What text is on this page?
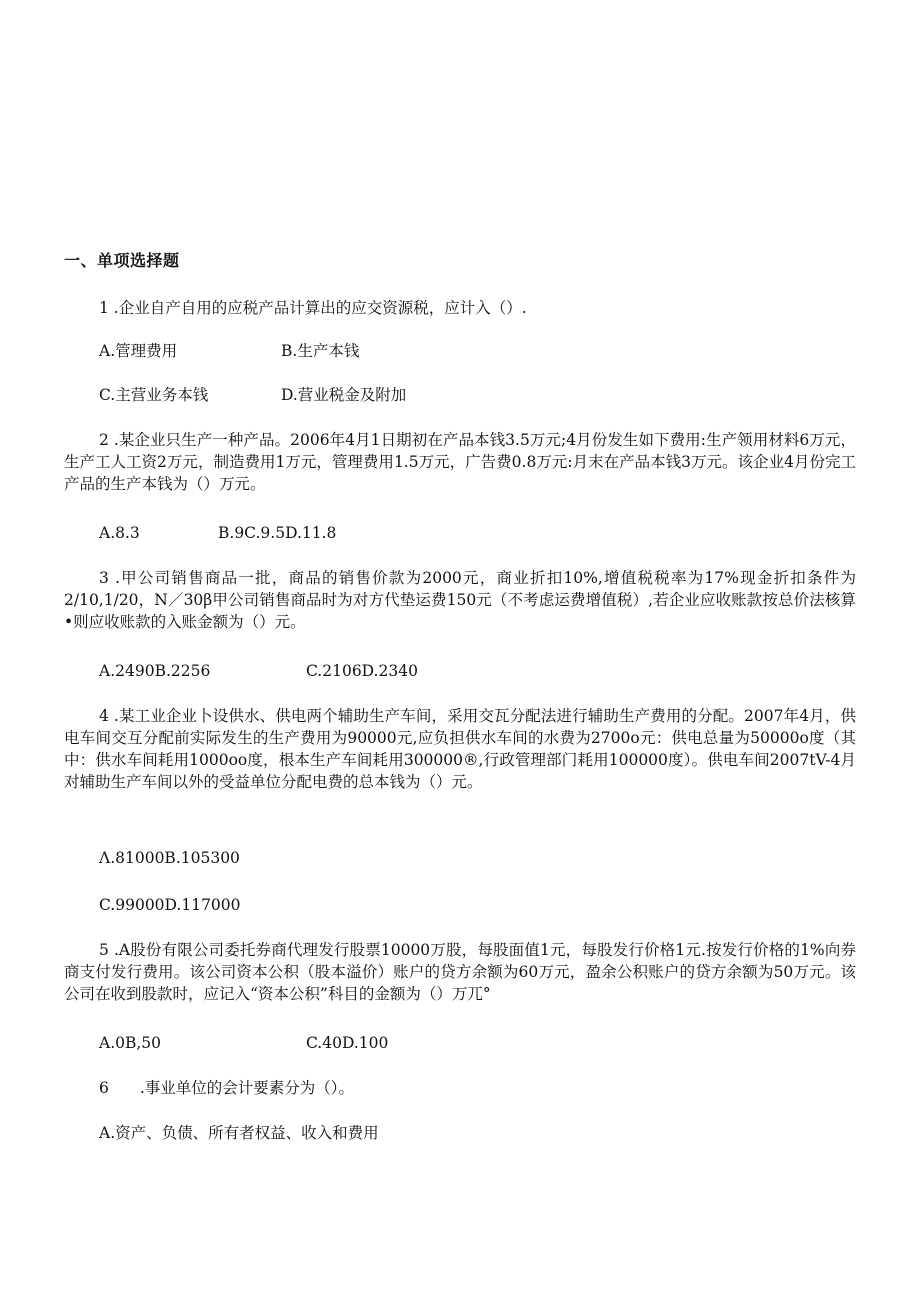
一、单项选择题
1 .企业自产自用的应税产品计算出的应交资源税，应计入（）.
A.管理费用	B.生产本钱
C.主营业务本钱	D.营业税金及附加
2 .某企业只生产一种产品。2006年4月1日期初在产品本钱3.5万元;4月份发生如下费用:生产领用材料6万元，生产工人工资2万元，制造费用1万元，管理费用1.5万元，广告费0.8万元:月末在产品本钱3万元。该企业4月份完工产品的生产本钱为（）万元。
A.8.3	B.9C.9.5D.11.8
3 .甲公司销售商品一批，商品的销售价款为2000元，商业折扣10%,增值税税率为17%现金折扣条件为2/10,1/20，N／30β甲公司销售商品时为对方代垫运费150元（不考虑运费增值税）,若企业应收账款按总价法核算•则应收账款的入账金额为（）元。
A.2490B.2256	C.2106D.2340
4 .某工业企业卜设供水、供电两个辅助生产车间，采用交瓦分配法进行辅助生产费用的分配。2007年4月，供电车间交互分配前实际发生的生产费用为90000元,应负担供水车间的水费为2700o元：供电总量为50000o度（其中：供水车间耗用1000oo度，根本生产车间耗用300000®,行政管理部门耗用100000度）。供电车间2007tV-4月对辅助生产车间以外的受益单位分配电费的总本钱为（）元。
Λ.81000B.105300
C.99000D.117000
5 .A股份有限公司委托券商代理发行股票10000万股，每股面值1元，每股发行价格1元.按发行价格的1%向券商支付发行费用。该公司资本公积（股本溢价）账户的贷方余额为60万元，盈余公积账户的贷方余额为50万元。该公司在收到股款时，应记入“资本公积”科目的金额为（）万兀°
A.0B,50	C.40D.100
6　　.事业单位的会计要素分为（）。
A.资产、负债、所有者权益、收入和费用
